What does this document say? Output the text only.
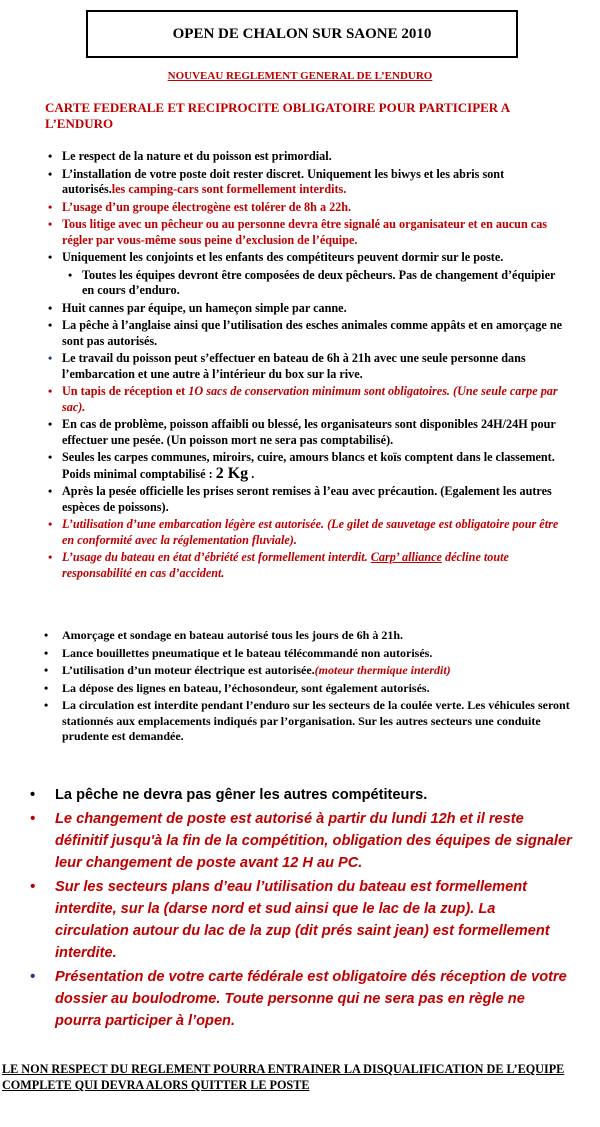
OPEN DE CHALON SUR SAONE 2010
NOUVEAU REGLEMENT GENERAL DE L’ENDURO
CARTE FEDERALE ET RECIPROCITE OBLIGATOIRE POUR PARTICIPER A L’ENDURO
• Le respect de la nature et du poisson est primordial.
• L’installation de votre poste doit rester discret. Uniquement les biwys et les abris sont autorisés.les camping-cars sont formellement interdits.
• L’usage d’un groupe électrogène est tolérer de 8h a 22h.
• Tous litige avec un pêcheur ou au personne devra être signalé au organisateur et en aucun cas régler par vous-même sous peine d’exclusion de l’équipe.
• Uniquement les conjoints et les enfants des compétiteurs peuvent dormir sur le poste.
• Toutes les équipes devront être composées de deux pêcheurs. Pas de changement d’équipier en cours d’enduro.
• Huit cannes par équipe, un hameçon simple par canne.
• La pêche à l’anglaise ainsi que l’utilisation des esches animales comme appâts et en amorçage ne sont pas autorisés.
• Le travail du poisson peut s’effectuer en bateau de 6h à 21h avec une seule personne dans l’embarcation et une autre à l’intérieur du box sur la rive.
• Un tapis de réception et 1O sacs de conservation minimum sont obligatoires. (Une seule carpe par sac).
• En cas de problème, poisson affaibli ou blessé, les organisateurs sont disponibles 24H/24H pour effectuer une pesée. (Un poisson mort ne sera pas comptabilisé).
• Seules les carpes communes, miroirs, cuire, amours blancs et koïs comptent dans le classement. Poids minimal comptabilisé : 2 Kg .
• Après la pesée officielle les prises seront remises à l’eau avec précaution. (Egalement les autres espèces de poissons).
• L’utilisation d’une embarcation légère est autorisée. (Le gilet de sauvetage est obligatoire pour être en conformité avec la réglementation fluviale).
• L’usage du bateau en état d’ébriété est formellement interdit. Carp’ alliance décline toute responsabilité en cas d’accident.
• Amorçage et sondage en bateau autorisé tous les jours de 6h à 21h.
• Lance bouillettes pneumatique et le bateau télécommandé non autorisés.
• L’utilisation d’un moteur électrique est autorisée.(moteur thermique interdit)
• La dépose des lignes en bateau, l’échosondeur, sont également autorisés.
• La circulation est interdite pendant l’enduro sur les secteurs de la coulée verte. Les véhicules seront stationnés aux emplacements indiqués par l’organisation. Sur les autres secteurs une conduite prudente est demandée.
• La pêche ne devra pas gêner les autres compétiteurs.
• Le changement de poste est autorisé à partir du lundi 12h et il reste définitif jusqu'à la fin de la compétition, obligation des équipes de signaler leur changement de poste avant 12 H au PC.
• Sur les secteurs plans d’eau l’utilisation du bateau est formellement interdite, sur la (darse nord et sud ainsi que le lac de la zup). La circulation autour du lac de la zup (dit prés saint jean) est formellement interdite.
• Présentation de votre carte fédérale est obligatoire dés réception de votre dossier au boulodrome. Toute personne qui ne sera pas en règle ne pourra participer à l’open.
LE NON RESPECT DU REGLEMENT POURRA ENTRAINER LA DISQUALIFICATION DE L’EQUIPE COMPLETE QUI DEVRA ALORS QUITTER LE POSTE
